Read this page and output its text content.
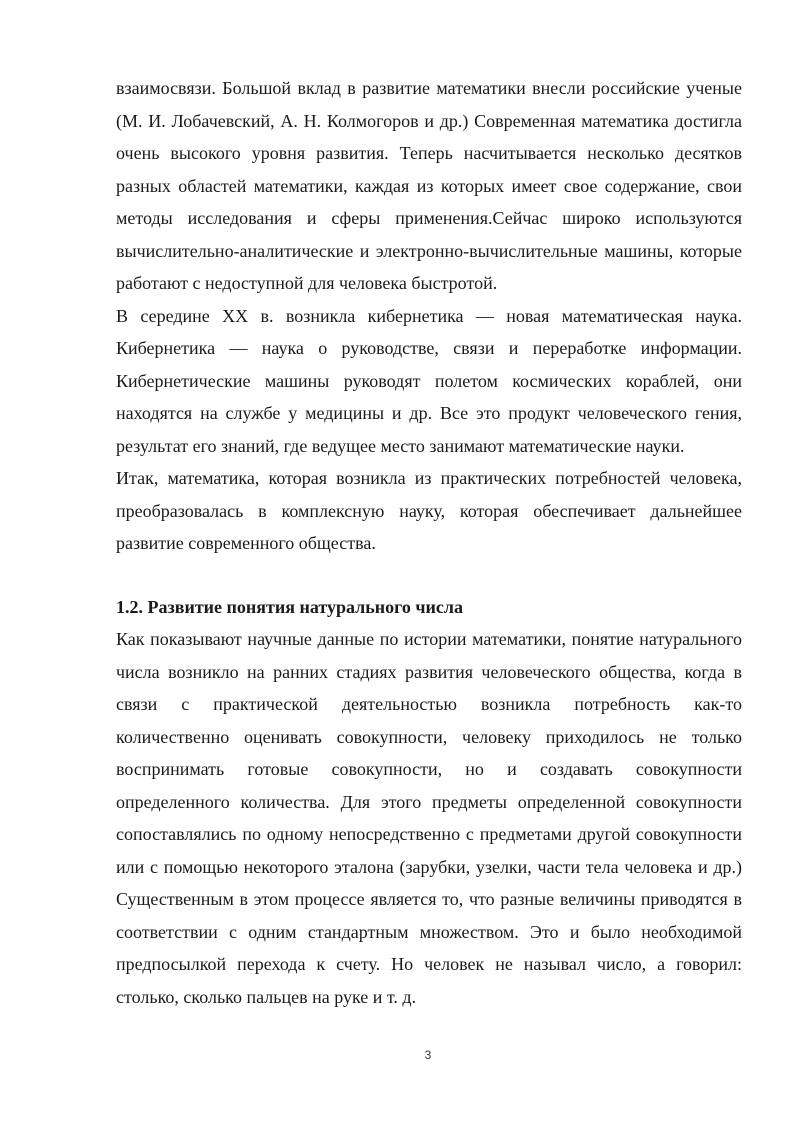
взаимосвязи. Большой вклад в развитие математики внесли российские ученые (М. И. Лобачевский, А. Н. Колмогоров и др.) Современная математика достигла очень высокого уровня развития. Теперь насчитывается несколько десятков разных областей математики, каждая из которых имеет свое содержание, свои методы исследования и сферы применения.Сейчас широко используются вычислительно-аналитические и электронно-вычислительные машины, которые работают с недоступной для человека быстротой.

В середине XX в. возникла кибернетика — новая математическая наука. Кибернетика — наука о руководстве, связи и переработке информации. Кибернетические машины руководят полетом космических кораблей, они находятся на службе у медицины и др. Все это продукт человеческого гения, результат его знаний, где ведущее место занимают математические науки.

Итак, математика, которая возникла из практических потребностей человека, преобразовалась в комплексную науку, которая обеспечивает дальнейшее развитие современного общества.

1.2. Развитие понятия натурального числа

Как показывают научные данные по истории математики, понятие натурального числа возникло на ранних стадиях развития человеческого общества, когда в связи с практической деятельностью возникла потребность как-то количественно оценивать совокупности, человеку приходилось не только воспринимать готовые совокупности, но и создавать совокупности определенного количества. Для этого предметы определенной совокупности сопоставлялись по одному непосредственно с предметами другой совокупности или с помощью некоторого эталона (зарубки, узелки, части тела человека и др.) Существенным в этом процессе является то, что разные величины приводятся в соответствии с одним стандартным множеством. Это и было необходимой предпосылкой перехода к счету. Но человек не называл число, а говорил: столько, сколько пальцев на руке и т. д.

3
